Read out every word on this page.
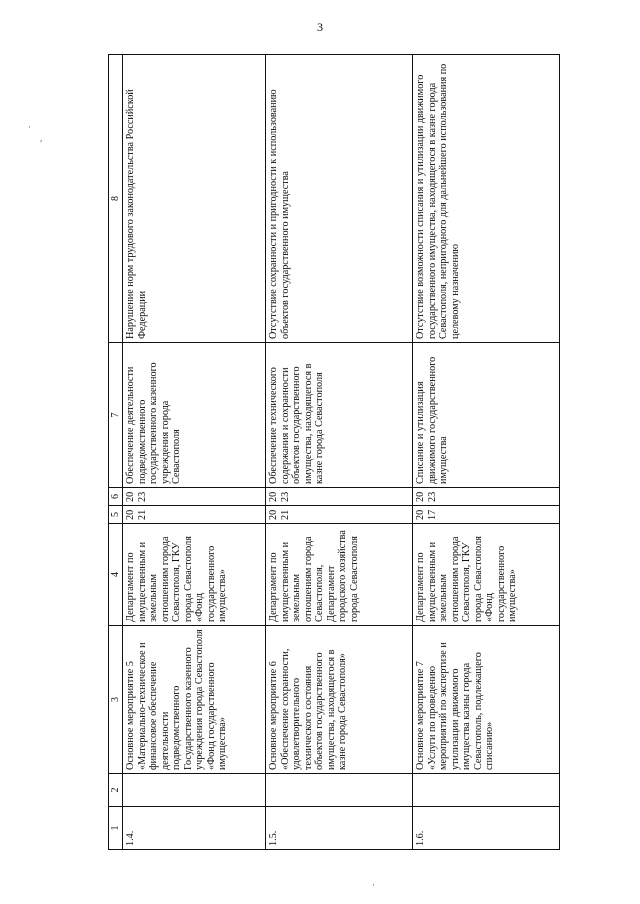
3
·
,
·
1	2	3	4	5	6	7	8
1.4.		Основное мероприятие 5 «Материально-техническое и финансовое обеспечение деятельности подведомственного Государственного казенного учреждения города Севастополя «Фонд государственного имущества»	Департамент по имущественным и земельным отношениям города Севастополя, ГКУ города Севастополя «Фонд государственного имущества»	2021	2023	Обеспечение деятельности подведомственного государственного казенного учреждения города Севастополя	Нарушение норм трудового законодательства Российской Федерации
1.5.		Основное мероприятие 6 «Обеспечение сохранности, удовлетворительного технического состояния объектов государственного имущества, находящегося в казне города Севастополя»	Департамент по имущественным и земельным отношениям города Севастополя, Департамент городского хозяйства города Севастополя	2021	2023	Обеспечение технического содержания и сохранности объектов государственного имущества, находящегося в казне города Севастополя	Отсутствие сохранности и пригодности к использованию объектов государственного имущества
1.6.		Основное мероприятие 7 «Услуги по проведению мероприятий по экспертизе и утилизации движимого имущества казны города Севастополь, подлежащего списанию»	Департамент по имущественным и земельным отношениям города Севастополя, ГКУ города Севастополя «Фонд государственного имущества»	2017	2023	Списание и утилизация движимого государственного имущества	Отсутствие возможности списания и утилизации движимого государственного имущества, находящегося в казне города Севастополя, непригодного для дальнейшего использования по целевому назначению
